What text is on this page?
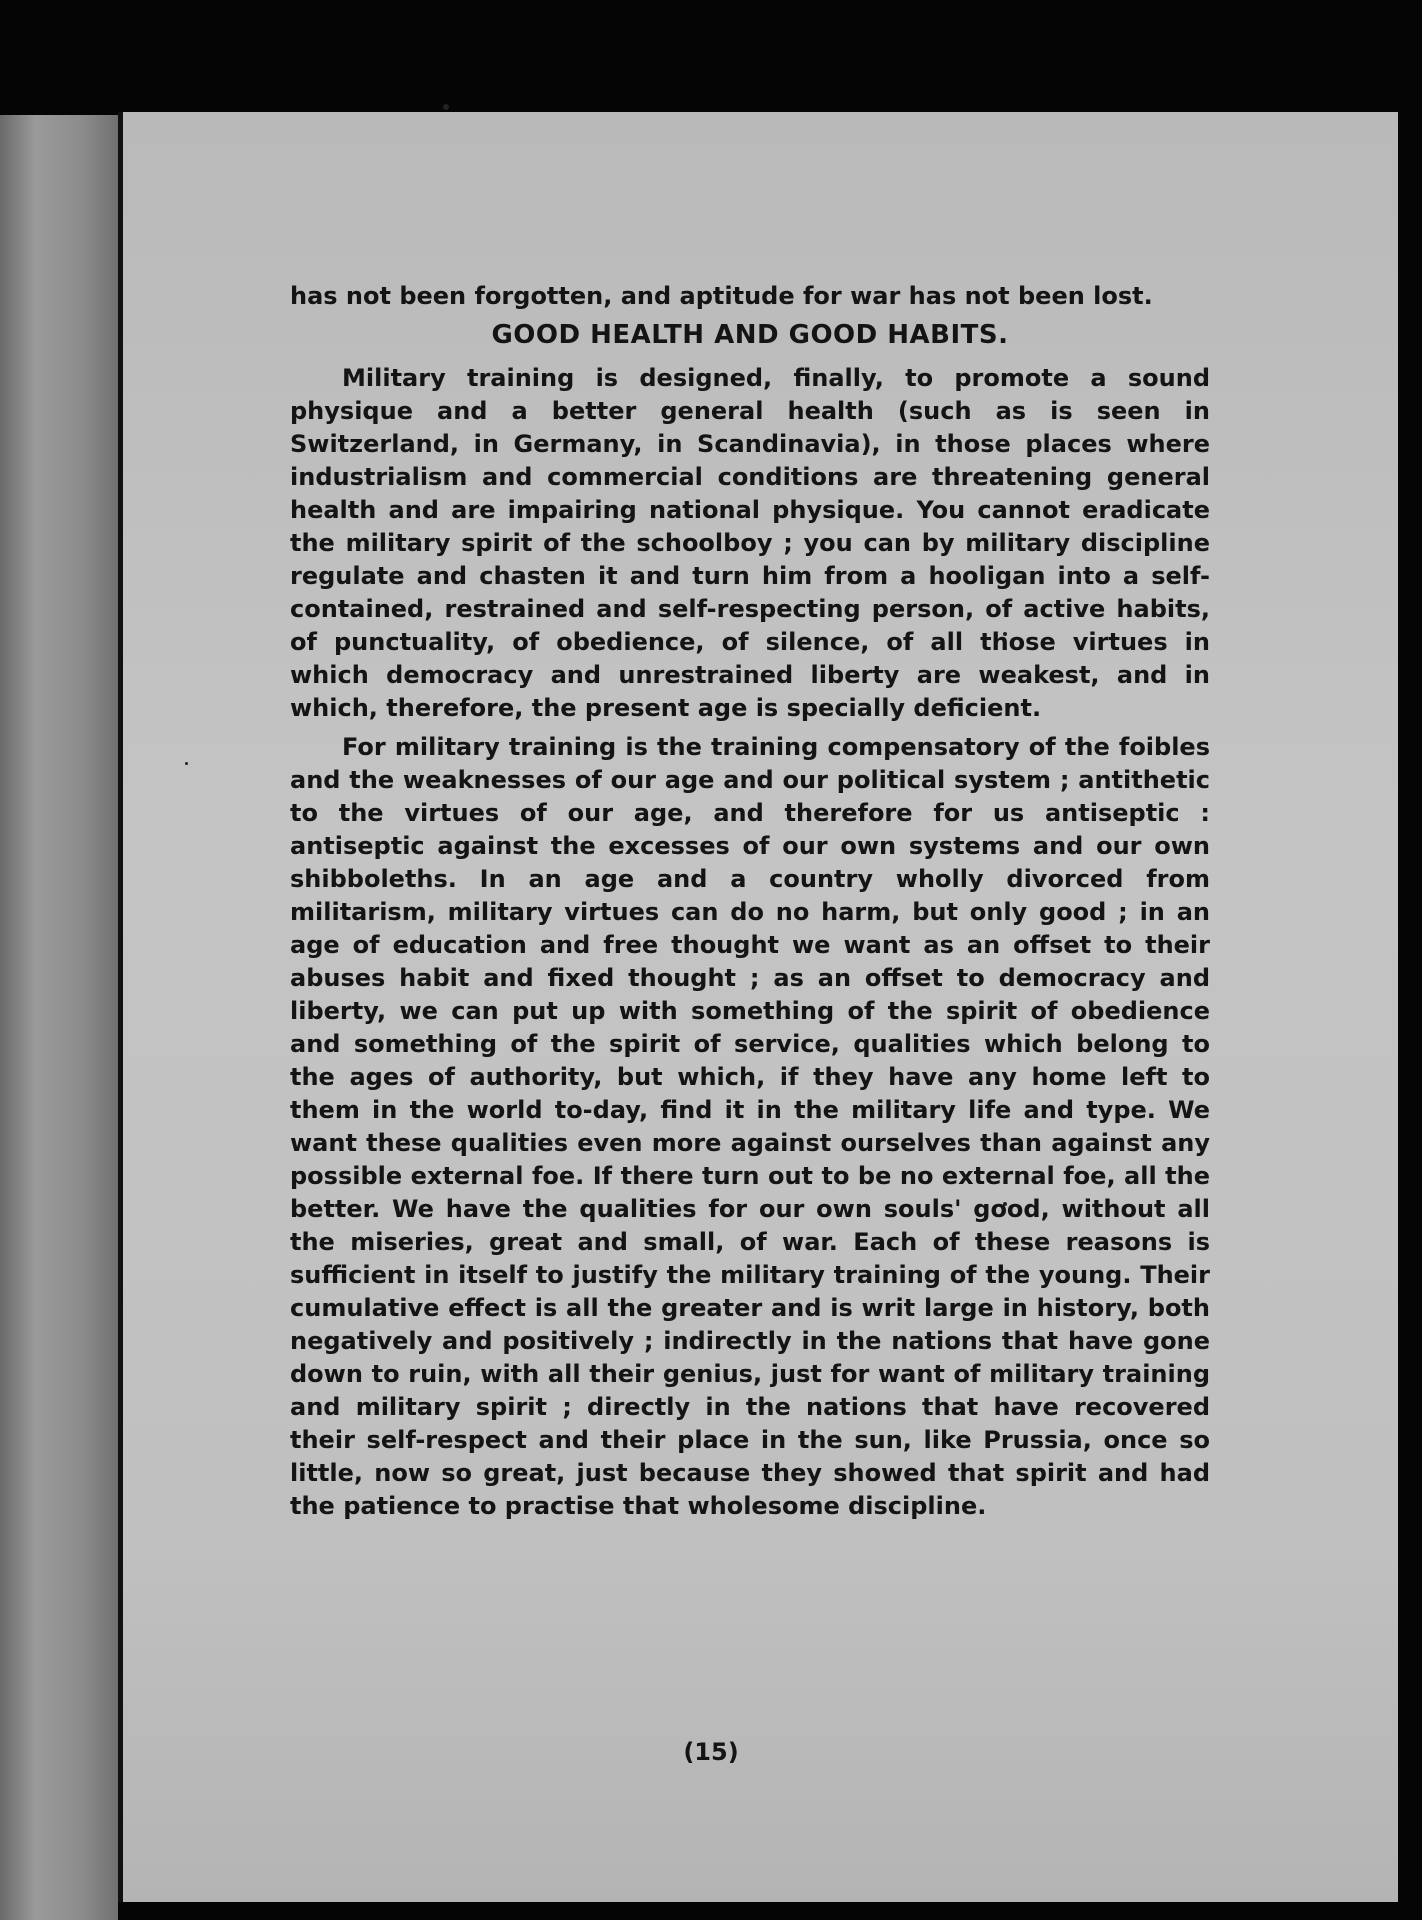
has not been forgotten, and aptitude for war has not been lost.

GOOD HEALTH AND GOOD HABITS.

Military training is designed, finally, to promote a sound physique and a better general health (such as is seen in Switzerland, in Germany, in Scandinavia), in those places where industrialism and commercial conditions are threatening general health and are impairing national physique. You cannot eradicate the military spirit of the schoolboy ; you can by military discipline regulate and chasten it and turn him from a hooligan into a self-contained, restrained and self-respecting person, of active habits, of punctuality, of obedience, of silence, of all those virtues in which democracy and unrestrained liberty are weakest, and in which, therefore, the present age is specially deficient.

For military training is the training compensatory of the foibles and the weaknesses of our age and our political system ; antithetic to the virtues of our age, and therefore for us antiseptic : antiseptic against the excesses of our own systems and our own shibboleths. In an age and a country wholly divorced from militarism, military virtues can do no harm, but only good ; in an age of education and free thought we want as an offset to their abuses habit and fixed thought ; as an offset to democracy and liberty, we can put up with something of the spirit of obedience and something of the spirit of service, qualities which belong to the ages of authority, but which, if they have any home left to them in the world to-day, find it in the military life and type. We want these qualities even more against ourselves than against any possible external foe. If there turn out to be no external foe, all the better. We have the qualities for our own souls' good, without all the miseries, great and small, of war. Each of these reasons is sufficient in itself to justify the military training of the young. Their cumulative effect is all the greater and is writ large in history, both negatively and positively ; indirectly in the nations that have gone down to ruin, with all their genius, just for want of military training and military spirit ; directly in the nations that have recovered their self-respect and their place in the sun, like Prussia, once so little, now so great, just because they showed that spirit and had the patience to practise that wholesome discipline.

(15)
